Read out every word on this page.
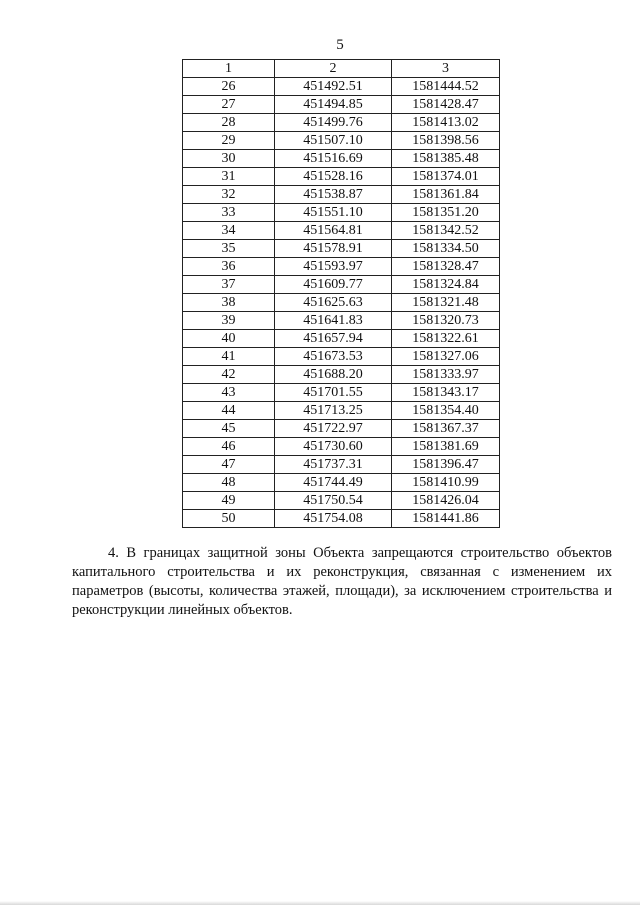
5
1	2	3
26	451492.51	1581444.52
27	451494.85	1581428.47
28	451499.76	1581413.02
29	451507.10	1581398.56
30	451516.69	1581385.48
31	451528.16	1581374.01
32	451538.87	1581361.84
33	451551.10	1581351.20
34	451564.81	1581342.52
35	451578.91	1581334.50
36	451593.97	1581328.47
37	451609.77	1581324.84
38	451625.63	1581321.48
39	451641.83	1581320.73
40	451657.94	1581322.61
41	451673.53	1581327.06
42	451688.20	1581333.97
43	451701.55	1581343.17
44	451713.25	1581354.40
45	451722.97	1581367.37
46	451730.60	1581381.69
47	451737.31	1581396.47
48	451744.49	1581410.99
49	451750.54	1581426.04
50	451754.08	1581441.86

4. В границах защитной зоны Объекта запрещаются строительство объектов капитального строительства и их реконструкция, связанная с изменением их параметров (высоты, количества этажей, площади), за исключением строительства и реконструкции линейных объектов.
